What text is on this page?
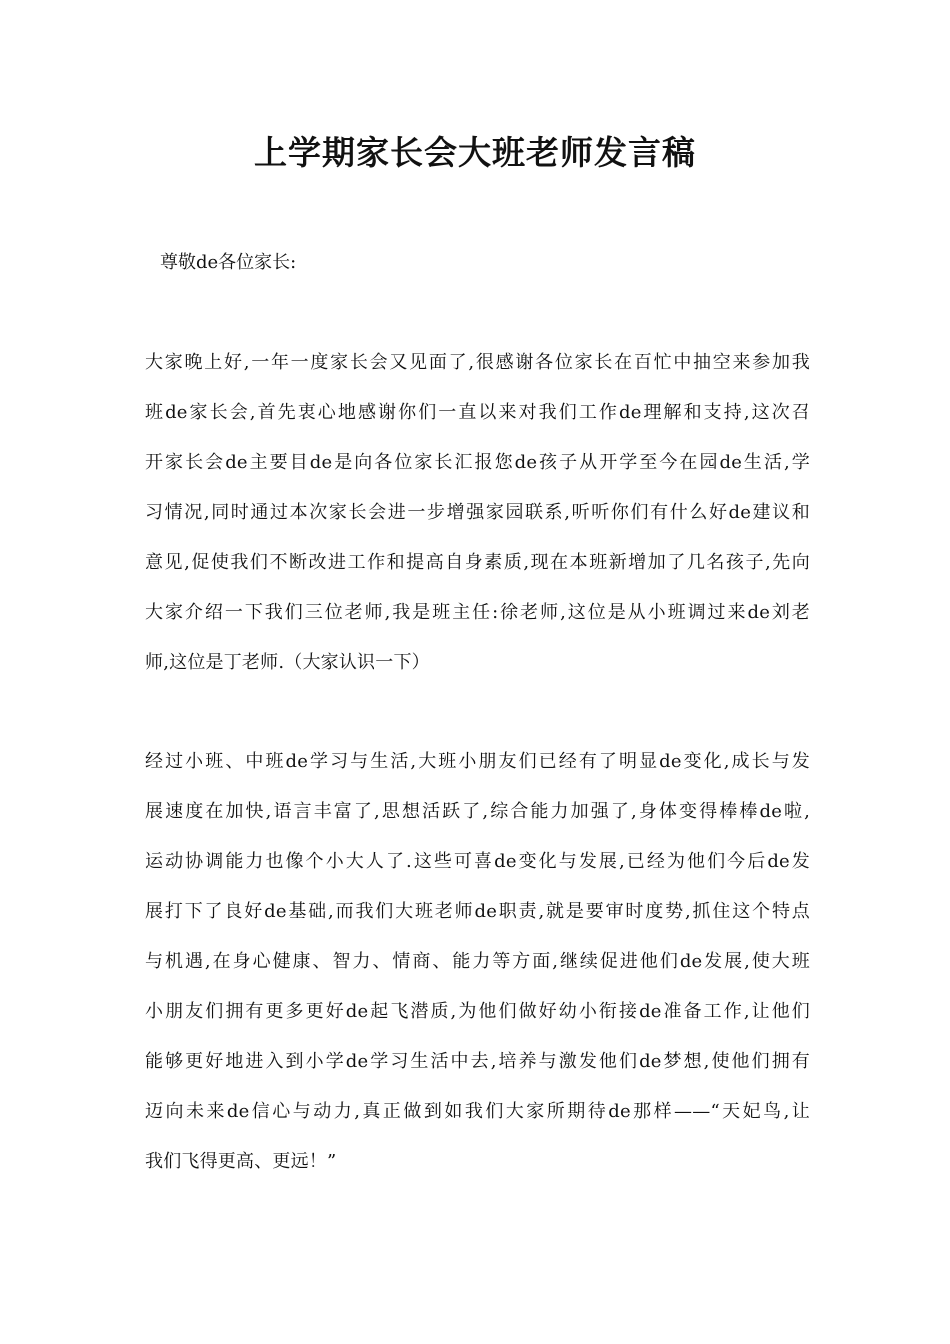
上学期家长会大班老师发言稿

尊敬de各位家长:

大家晚上好,一年一度家长会又见面了,很感谢各位家长在百忙中抽空来参加我
班de家长会,首先衷心地感谢你们一直以来对我们工作de理解和支持,这次召
开家长会de主要目de是向各位家长汇报您de孩子从开学至今在园de生活,学
习情况,同时通过本次家长会进一步增强家园联系,听听你们有什么好de建议和
意见,促使我们不断改进工作和提高自身素质,现在本班新增加了几名孩子,先向
大家介绍一下我们三位老师,我是班主任:徐老师,这位是从小班调过来de刘老
师,这位是丁老师.（大家认识一下）
经过小班、中班de学习与生活,大班小朋友们已经有了明显de变化,成长与发
展速度在加快,语言丰富了,思想活跃了,综合能力加强了,身体变得棒棒de啦,
运动协调能力也像个小大人了.这些可喜de变化与发展,已经为他们今后de发
展打下了良好de基础,而我们大班老师de职责,就是要审时度势,抓住这个特点
与机遇,在身心健康、智力、情商、能力等方面,继续促进他们de发展,使大班
小朋友们拥有更多更好de起飞潜质,为他们做好幼小衔接de准备工作,让他们
能够更好地进入到小学de学习生活中去,培养与激发他们de梦想,使他们拥有
迈向未来de信心与动力,真正做到如我们大家所期待de那样——“天妃鸟,让
我们飞得更高、更远！”
